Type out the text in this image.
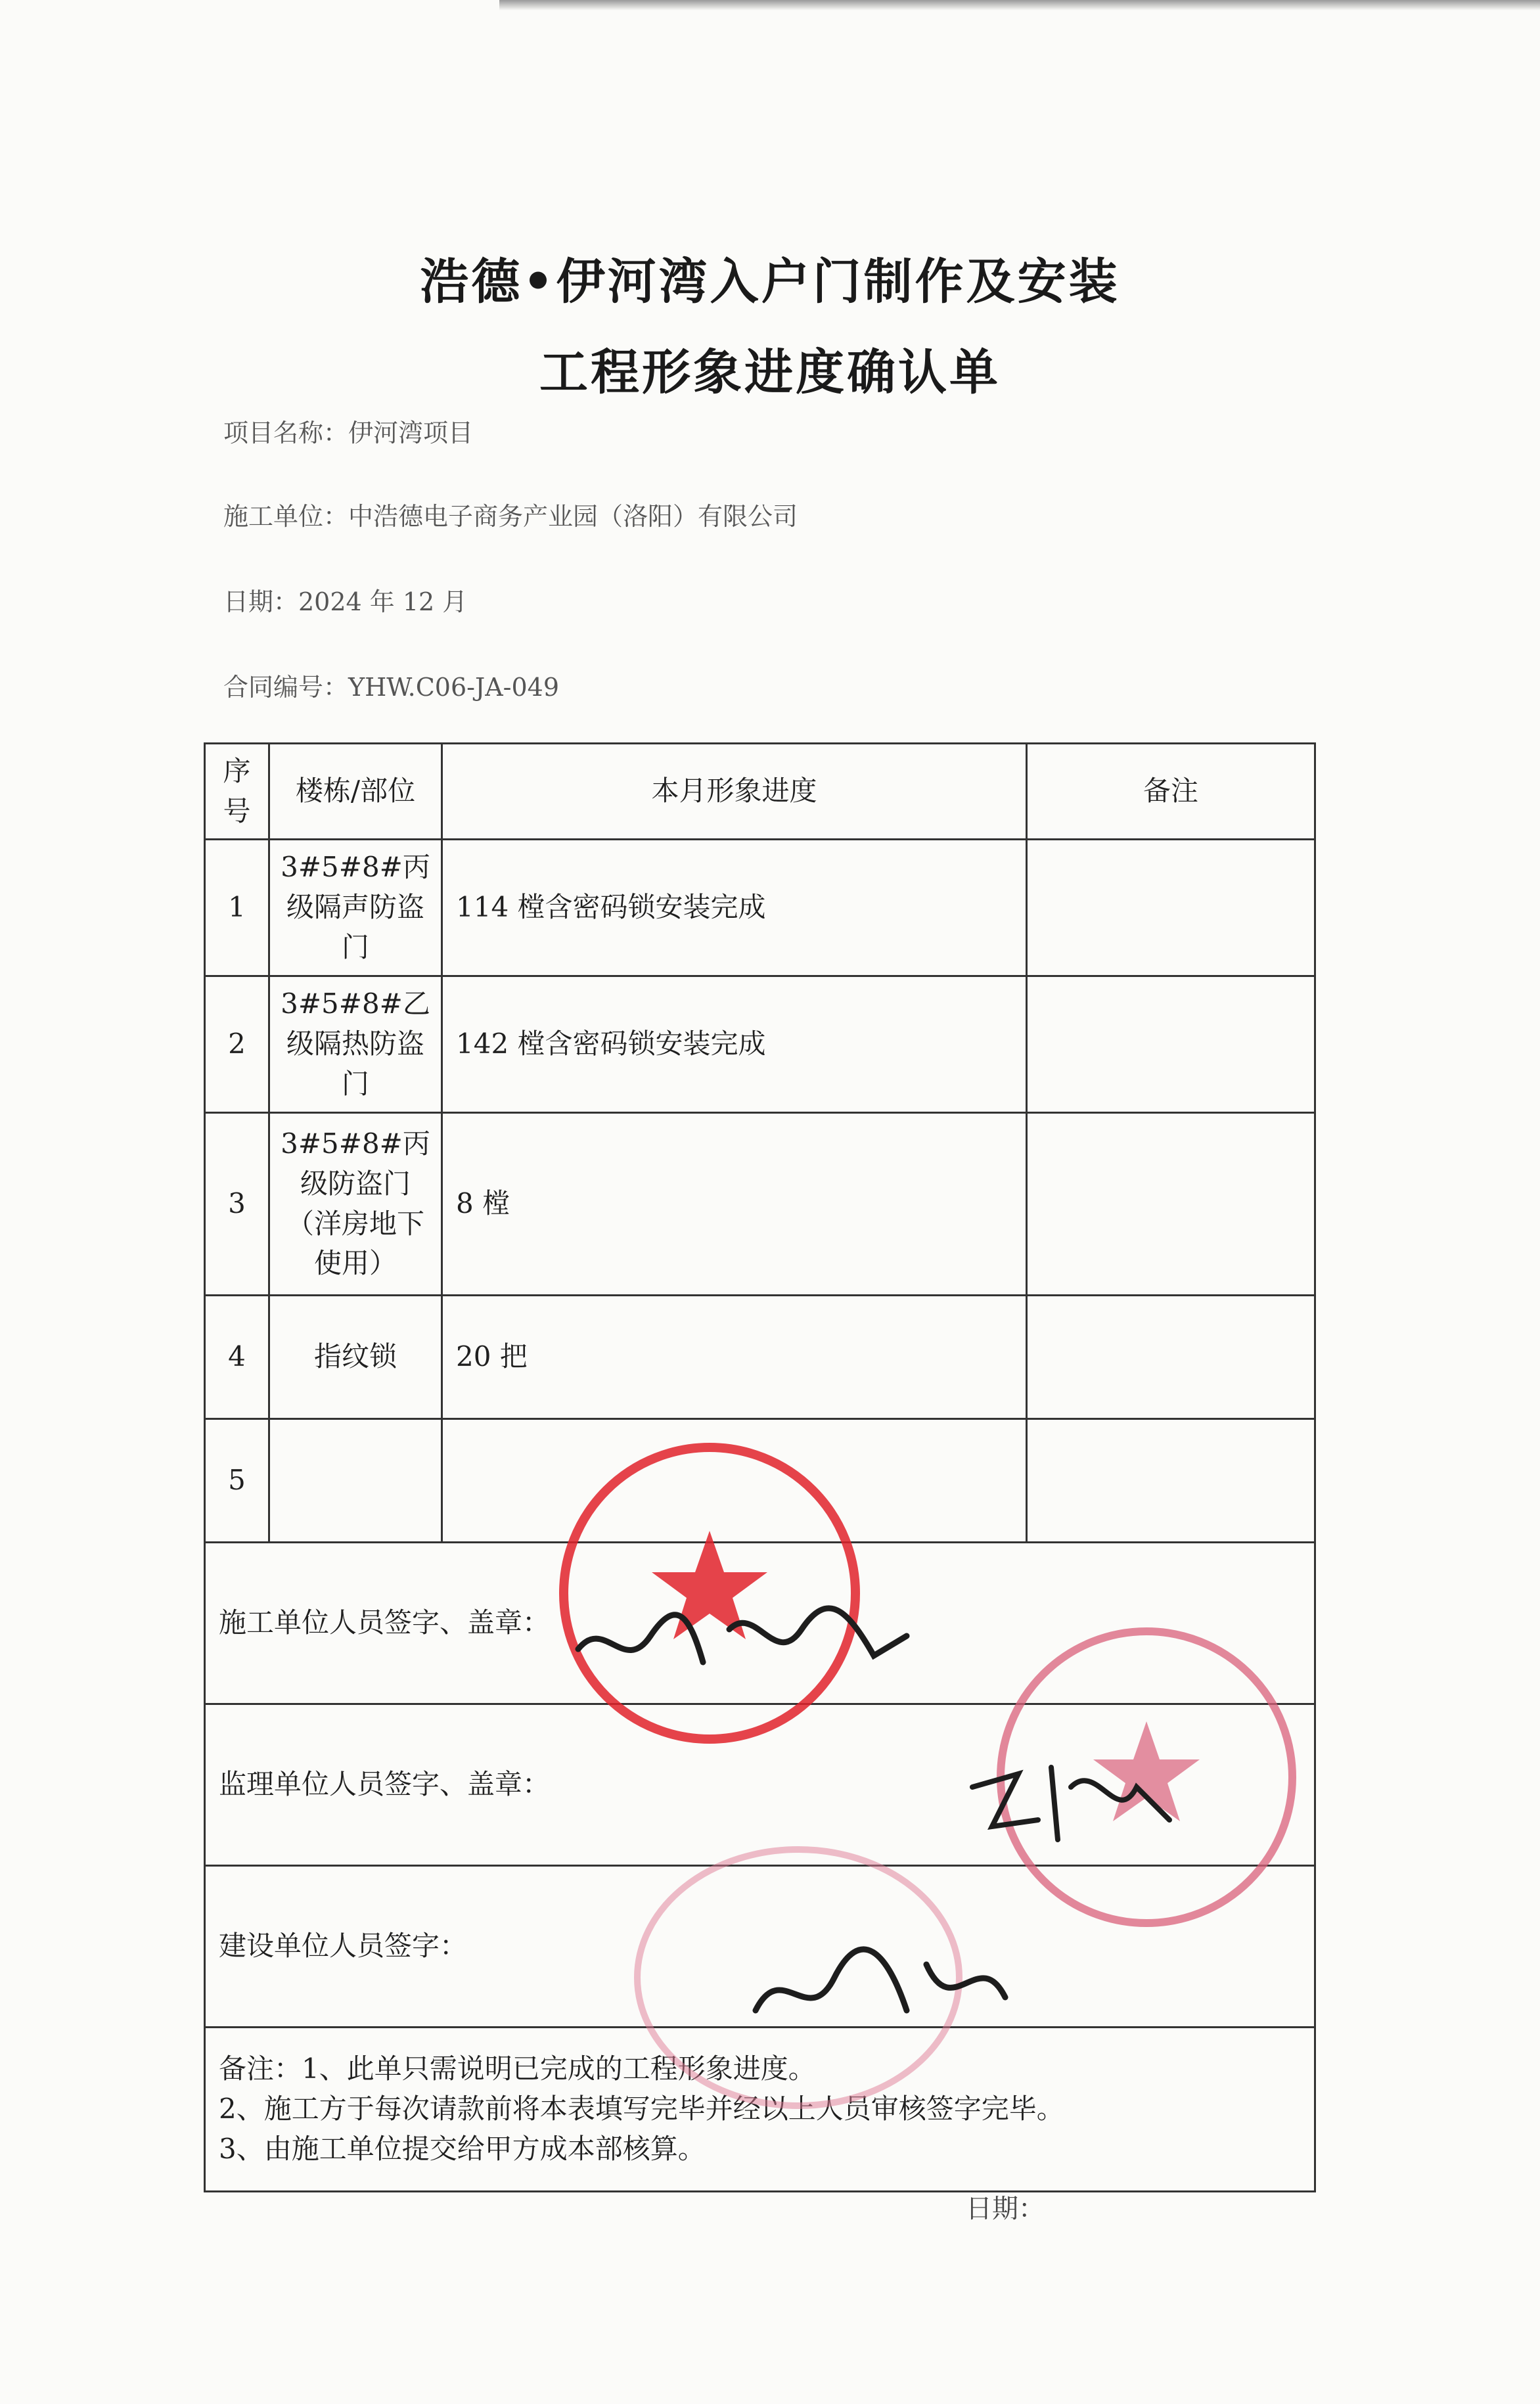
浩德•伊河湾入户门制作及安装
工程形象进度确认单
项目名称：伊河湾项目
施工单位：中浩德电子商务产业园（洛阳）有限公司
日期：2024 年 12 月
合同编号：YHW.C06-JA-049
序号	楼栋/部位	本月形象进度	备注
1	3#5#8#丙级隔声防盗门	114 樘含密码锁安装完成	
2	3#5#8#乙级隔热防盗门	142 樘含密码锁安装完成	
3	3#5#8#丙级防盗门（洋房地下使用）	8 樘	
4	指纹锁	20 把	
5			
施工单位人员签字、盖章：			
监理单位人员签字、盖章：			
建设单位人员签字：			

备注：1、此单只需说明已完成的工程形象进度。
2、施工方于每次请款前将本表填写完毕并经以上人员审核签字完毕。
3、由施工单位提交给甲方成本部核算。			
日期：
